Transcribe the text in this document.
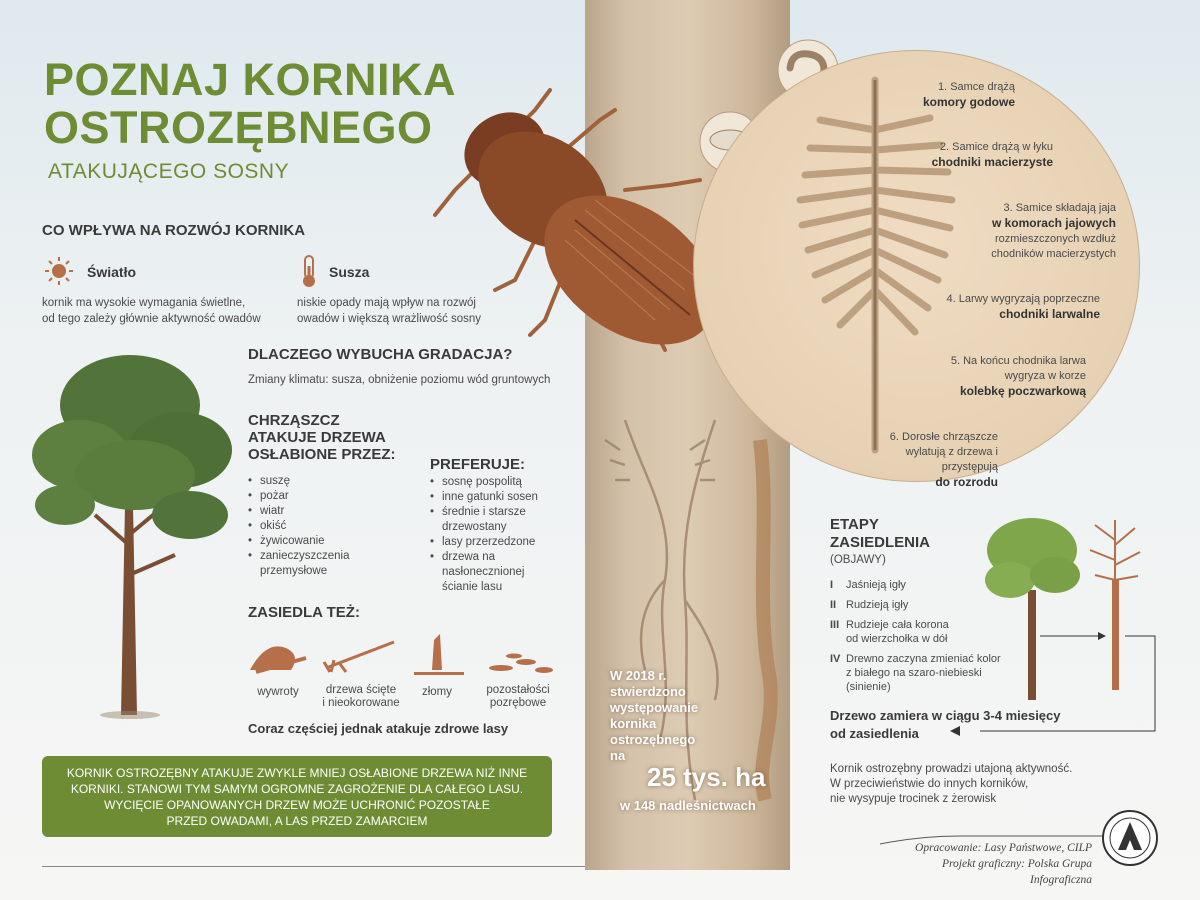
POZNAJ KORNIKA
OSTROZĘBNEGO
ATAKUJĄCEGO SOSNY
CO WPŁYWA NA ROZWÓJ KORNIKA
Światło
kornik ma wysokie wymagania świetlne,
od tego zależy głównie aktywność owadów
Susza
niskie opady mają wpływ na rozwój
owadów i większą wrażliwość sosny
DLACZEGO WYBUCHA GRADACJA?
Zmiany klimatu: susza, obniżenie poziomu wód gruntowych
CHRZĄSZCZ
ATAKUJE DRZEWA
OSŁABIONE PRZEZ:
• suszę
• pożar
• wiatr
• okiść
• żywicowanie
• zanieczyszczenia przemysłowe
PREFERUJE:
• sosnę pospolitą
• inne gatunki sosen
• średnie i starsze drzewostany
• lasy przerzedzone
• drzewa na nasłonecznionej ścianie lasu
ZASIEDLA TEŻ:
wywroty	drzewa ścięte
i nieokorowane
złomy	pozostałości
pozrębowe
Coraz częściej jednak atakuje zdrowe lasy
KORNIK OSTROZĘBNY ATAKUJE ZWYKLE MNIEJ OSŁABIONE DRZEWA NIŻ INNE
KORNIKI. STANOWI TYM SAMYM OGROMNE ZAGROŻENIE DLA CAŁEGO LASU.
WYCIĘCIE OPANOWANYCH DRZEW MOŻE UCHRONIĆ POZOSTAŁE
PRZED OWADAMI, A LAS PRZED ZAMARCIEM
1. Samce drążą
komory godowe
2. Samice drążą w łyku
chodniki macierzyste
3. Samice składają jaja
w komorach jajowych
rozmieszczonych wzdłuż chodników macierzystych
4. Larwy wygryzają poprzeczne
chodniki larwalne
5. Na końcu chodnika larwa wygryza w korze
kolebkę poczwarkową
6. Dorosłe chrząszcze wylatują z drzewa i przystępują
do rozrodu
W 2018 r.
stwierdzono
występowanie
kornika
ostrozębnego
na
25 tys. ha
w 148 nadleśnictwach
ETAPY
ZASIEDLENIA
(OBJAWY)
I Jaśnieją igły
II Rudzieją igły
III Rudzieje cała korona
od wierzchołka w dół
IV Drewno zaczyna zmieniać kolor
z białego na szaro-niebieski
(sinienie)
Drzewo zamiera w ciągu 3-4 miesięcy
od zasiedlenia
Kornik ostrozębny prowadzi utajoną aktywność.
W przeciwieństwie do innych korników,
nie wysypuje trocinek z żerowisk
Opracowanie: Lasy Państwowe, CILP
Projekt graficzny: Polska Grupa Infograficzna
